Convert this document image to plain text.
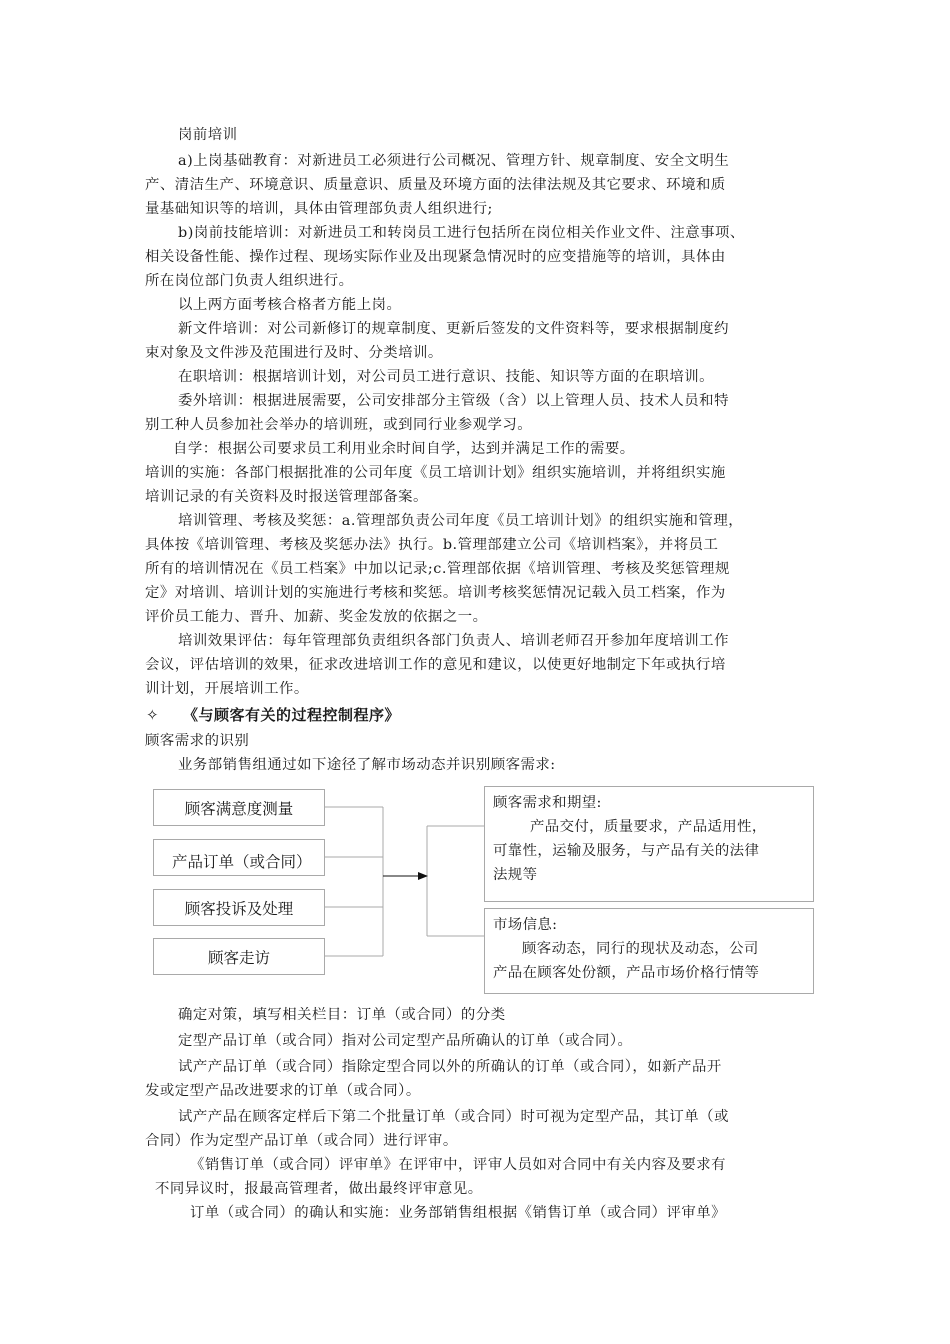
岗前培训
a)上岗基础教育：对新进员工必须进行公司概况、管理方针、规章制度、安全文明生
产、清洁生产、环境意识、质量意识、质量及环境方面的法律法规及其它要求、环境和质
量基础知识等的培训，具体由管理部负责人组织进行;
b)岗前技能培训：对新进员工和转岗员工进行包括所在岗位相关作业文件、注意事项、
相关设备性能、操作过程、现场实际作业及出现紧急情况时的应变措施等的培训，具体由
所在岗位部门负责人组织进行。
以上两方面考核合格者方能上岗。
新文件培训：对公司新修订的规章制度、更新后签发的文件资料等，要求根据制度约
束对象及文件涉及范围进行及时、分类培训。
在职培训：根据培训计划，对公司员工进行意识、技能、知识等方面的在职培训。
委外培训：根据进展需要，公司安排部分主管级（含）以上管理人员、技术人员和特
别工种人员参加社会举办的培训班，或到同行业参观学习。
自学：根据公司要求员工利用业余时间自学，达到并满足工作的需要。
培训的实施：各部门根据批准的公司年度《员工培训计划》组织实施培训，并将组织实施
培训记录的有关资料及时报送管理部备案。
培训管理、考核及奖惩：a.管理部负责公司年度《员工培训计划》的组织实施和管理，
具体按《培训管理、考核及奖惩办法》执行。b.管理部建立公司《培训档案》，并将员工
所有的培训情况在《员工档案》中加以记录;c.管理部依据《培训管理、考核及奖惩管理规
定》对培训、培训计划的实施进行考核和奖惩。培训考核奖惩情况记载入员工档案，作为
评价员工能力、晋升、加薪、奖金发放的依据之一。
培训效果评估：每年管理部负责组织各部门负责人、培训老师召开参加年度培训工作
会议，评估培训的效果，征求改进培训工作的意见和建议，以使更好地制定下年或执行培
训计划，开展培训工作。
✧ 《与顾客有关的过程控制程序》
顾客需求的识别
业务部销售组通过如下途径了解市场动态并识别顾客需求:
顾客满意度测量
产品订单（或合同）
顾客投诉及处理
顾客走访
顾客需求和期望:
产品交付，质量要求，产品适用性，
可靠性，运输及服务，与产品有关的法律
法规等
市场信息:
顾客动态，同行的现状及动态，公司
产品在顾客处份额，产品市场价格行情等
确定对策，填写相关栏目：订单（或合同）的分类
定型产品订单（或合同）指对公司定型产品所确认的订单（或合同）。
试产产品订单（或合同）指除定型合同以外的所确认的订单（或合同），如新产品开
发或定型产品改进要求的订单（或合同）。
试产产品在顾客定样后下第二个批量订单（或合同）时可视为定型产品，其订单（或
合同）作为定型产品订单（或合同）进行评审。
《销售订单（或合同）评审单》在评审中，评审人员如对合同中有关内容及要求有
不同异议时，报最高管理者，做出最终评审意见。
订单（或合同）的确认和实施：业务部销售组根据《销售订单（或合同）评审单》
